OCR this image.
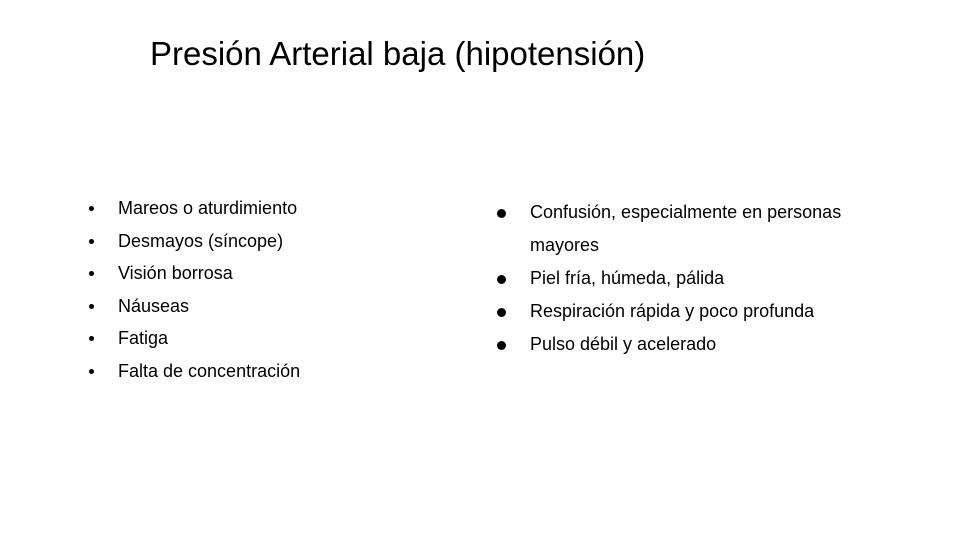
Presión Arterial baja (hipotensión)
Mareos o aturdimiento
Desmayos (síncope)
Visión borrosa
Náuseas
Fatiga
Falta de concentración
Confusión, especialmente en personas mayores
Piel fría, húmeda, pálida
Respiración rápida y poco profunda
Pulso débil y acelerado
